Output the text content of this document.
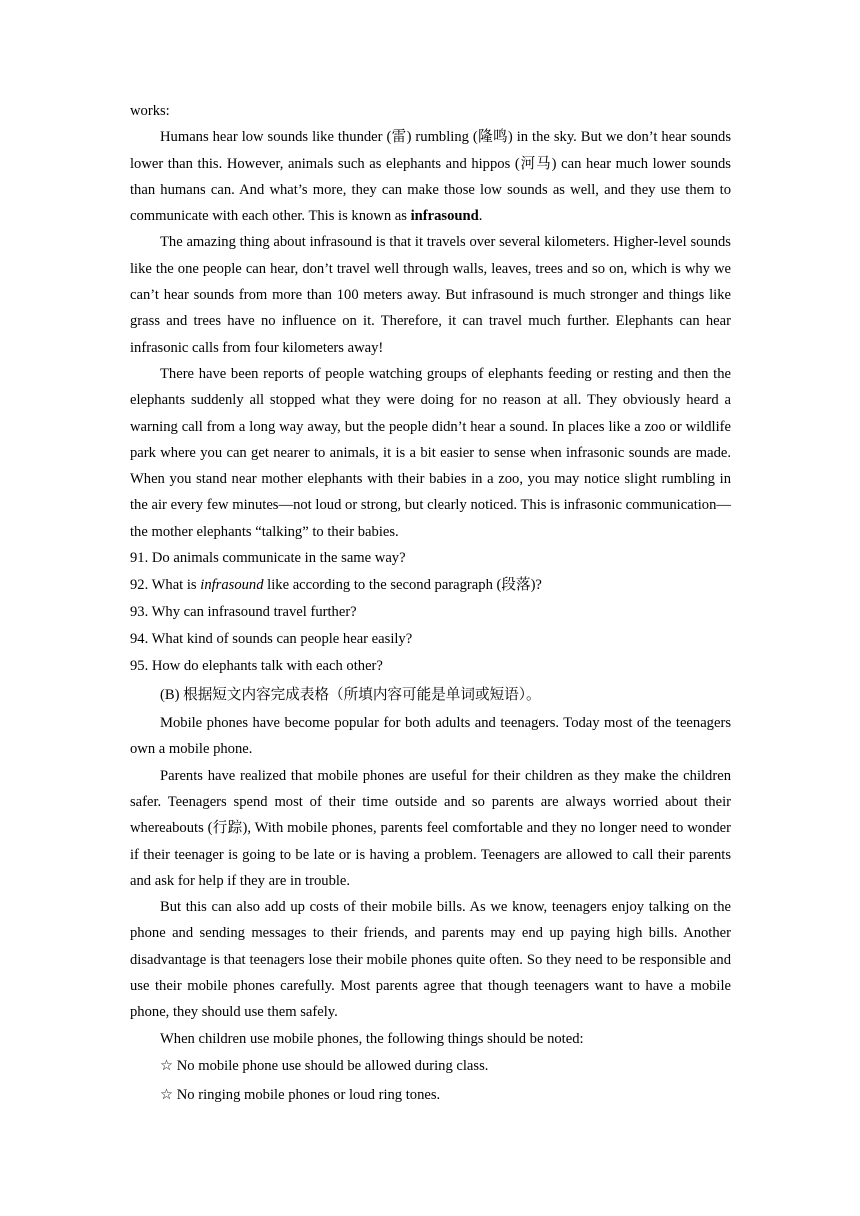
works:

Humans hear low sounds like thunder (雷) rumbling (隆鸣) in the sky. But we don’t hear sounds lower than this. However, animals such as elephants and hippos (河马) can hear much lower sounds than humans can. And what’s more, they can make those low sounds as well, and they use them to communicate with each other. This is known as infrasound.

The amazing thing about infrasound is that it travels over several kilometers. Higher-level sounds like the one people can hear, don’t travel well through walls, leaves, trees and so on, which is why we can’t hear sounds from more than 100 meters away. But infrasound is much stronger and things like grass and trees have no influence on it. Therefore, it can travel much further. Elephants can hear infrasonic calls from four kilometers away!

There have been reports of people watching groups of elephants feeding or resting and then the elephants suddenly all stopped what they were doing for no reason at all. They obviously heard a warning call from a long way away, but the people didn’t hear a sound. In places like a zoo or wildlife park where you can get nearer to animals, it is a bit easier to sense when infrasonic sounds are made. When you stand near mother elephants with their babies in a zoo, you may notice slight rumbling in the air every few minutes—not loud or strong, but clearly noticed. This is infrasonic communication—the mother elephants “talking” to their babies.

91. Do animals communicate in the same way?

92. What is infrasound like according to the second paragraph (段落)?

93. Why can infrasound travel further?

94. What kind of sounds can people hear easily?

95. How do elephants talk with each other?

(B) 根据短文内容完成表格（所填内容可能是单词或短语）。

Mobile phones have become popular for both adults and teenagers. Today most of the teenagers own a mobile phone.

Parents have realized that mobile phones are useful for their children as they make the children safer. Teenagers spend most of their time outside and so parents are always worried about their whereabouts (行踪), With mobile phones, parents feel comfortable and they no longer need to wonder if their teenager is going to be late or is having a problem. Teenagers are allowed to call their parents and ask for help if they are in trouble.

But this can also add up costs of their mobile bills. As we know, teenagers enjoy talking on the phone and sending messages to their friends, and parents may end up paying high bills. Another disadvantage is that teenagers lose their mobile phones quite often. So they need to be responsible and use their mobile phones carefully. Most parents agree that though teenagers want to have a mobile phone, they should use them safely.

When children use mobile phones, the following things should be noted:

☆ No mobile phone use should be allowed during class.

☆ No ringing mobile phones or loud ring tones.
